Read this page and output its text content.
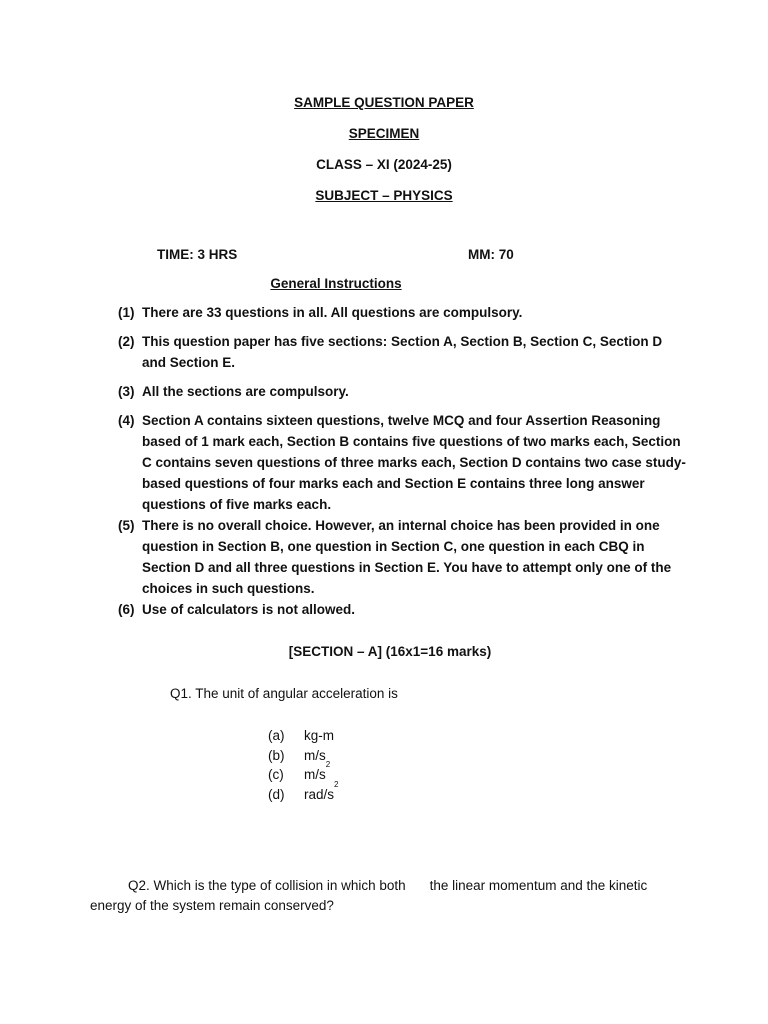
SAMPLE QUESTION PAPER
SPECIMEN
CLASS – XI (2024-25)
SUBJECT – PHYSICS
TIME: 3 HRS	MM: 70
General Instructions
(1) There are 33 questions in all. All questions are compulsory.
(2) This question paper has five sections: Section A, Section B, Section C, Section D and Section E.
(3) All the sections are compulsory.
(4) Section A contains sixteen questions, twelve MCQ and four Assertion Reasoning based of 1 mark each, Section B contains five questions of two marks each, Section C contains seven questions of three marks each, Section D contains two case study-based questions of four marks each and Section E contains three long answer questions of five marks each.
(5) There is no overall choice. However, an internal choice has been provided in one question in Section B, one question in Section C, one question in each CBQ in Section D and all three questions in Section E. You have to attempt only one of the choices in such questions.
(6) Use of calculators is not allowed.
[SECTION – A] (16x1=16 marks)
Q1. The unit of angular acceleration is
(a)	kg-m
(b)	m/s
(c)	m/s
2
(d)	rad/s
2
Q2. Which is the type of collision in which both the linear momentum and the kinetic
energy of the system remain conserved?
